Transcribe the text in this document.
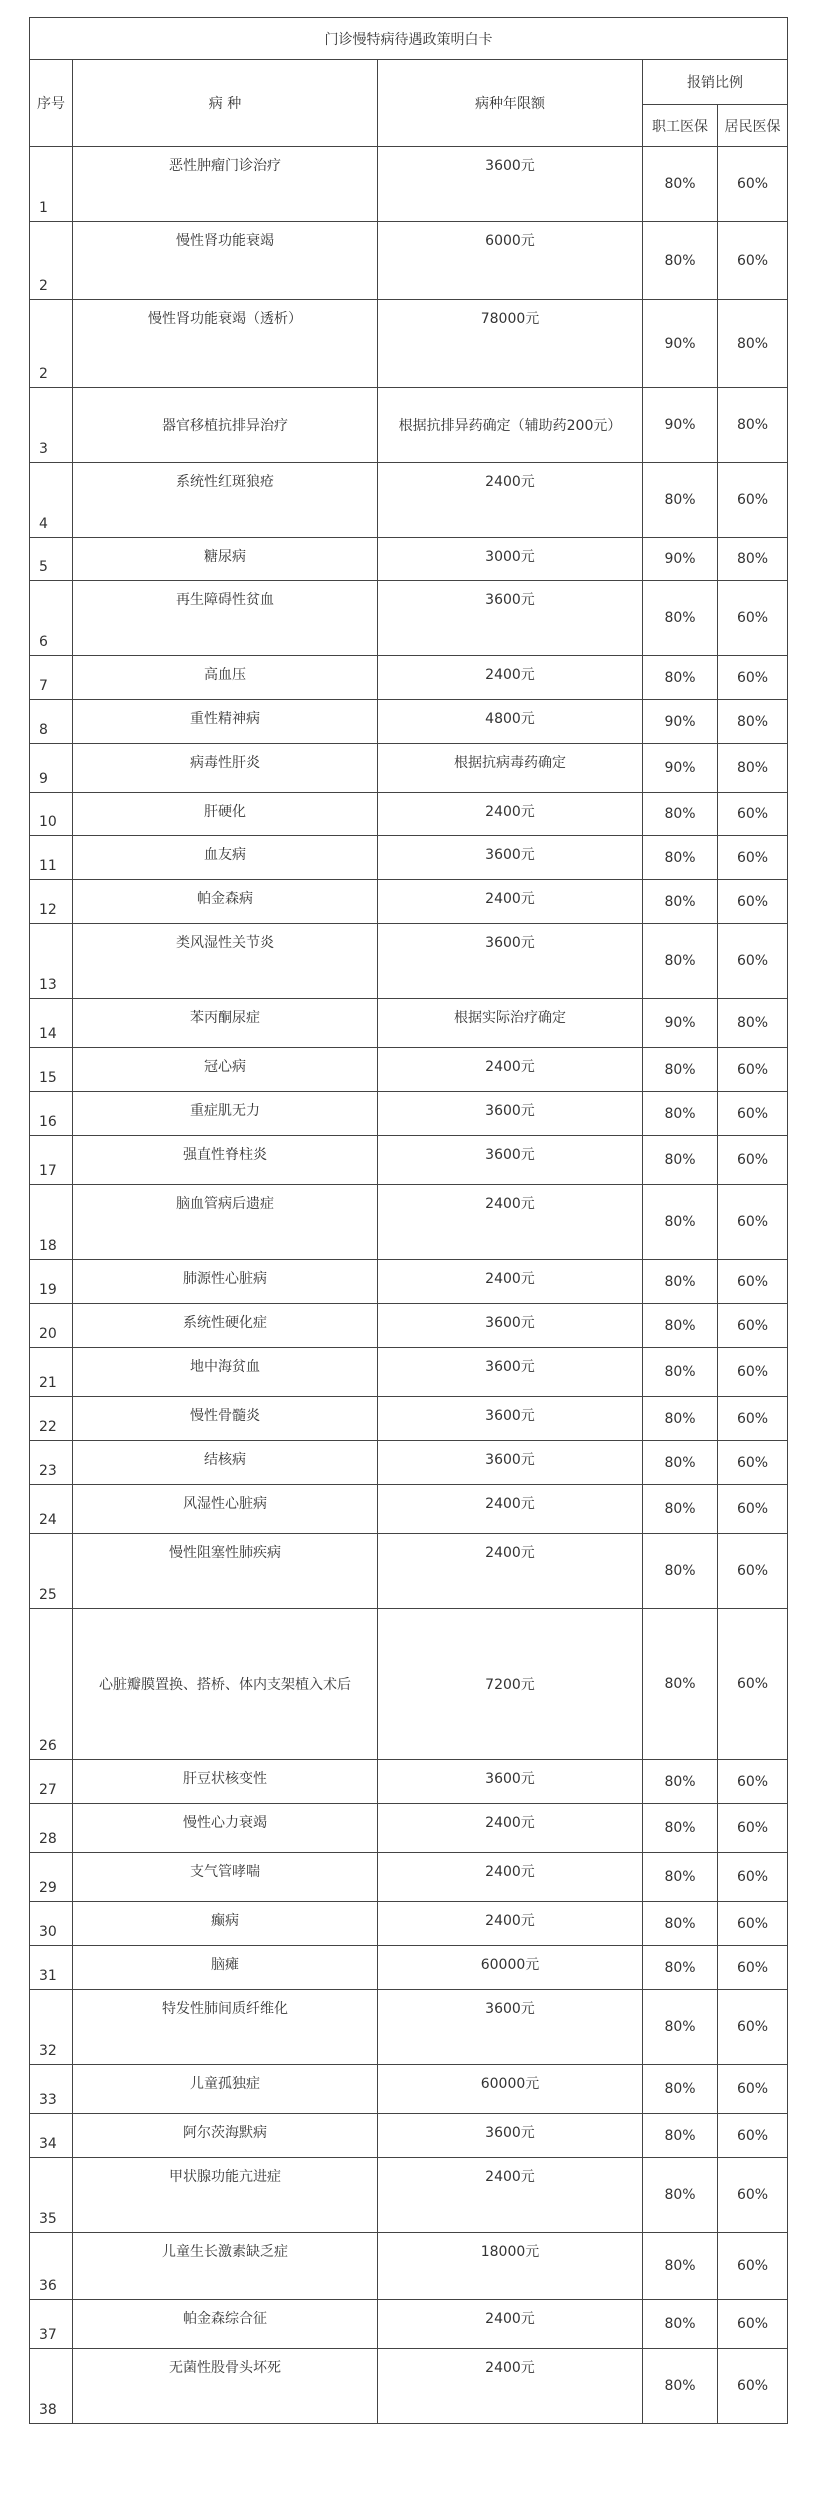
门诊慢特病待遇政策明白卡				
序号	病 种	病种年限额	报销比例	
			职工医保	居民医保
1	恶性肿瘤门诊治疗	3600元	80%	60%
2	慢性肾功能衰竭	6000元	80%	60%
2	慢性肾功能衰竭（透析）	78000元	90%	80%
3	器官移植抗排异治疗	根据抗排异药确定（辅助药200元）	90%	80%
4	系统性红斑狼疮	2400元	80%	60%
5	糖尿病	3000元	90%	80%
6	再生障碍性贫血	3600元	80%	60%
7	高血压	2400元	80%	60%
8	重性精神病	4800元	90%	80%
9	病毒性肝炎	根据抗病毒药确定	90%	80%
10	肝硬化	2400元	80%	60%
11	血友病	3600元	80%	60%
12	帕金森病	2400元	80%	60%
13	类风湿性关节炎	3600元	80%	60%
14	苯丙酮尿症	根据实际治疗确定	90%	80%
15	冠心病	2400元	80%	60%
16	重症肌无力	3600元	80%	60%
17	强直性脊柱炎	3600元	80%	60%
18	脑血管病后遗症	2400元	80%	60%
19	肺源性心脏病	2400元	80%	60%
20	系统性硬化症	3600元	80%	60%
21	地中海贫血	3600元	80%	60%
22	慢性骨髓炎	3600元	80%	60%
23	结核病	3600元	80%	60%
24	风湿性心脏病	2400元	80%	60%
25	慢性阻塞性肺疾病	2400元	80%	60%
26	心脏瓣膜置换、搭桥、体内支架植入术后	7200元	80%	60%
27	肝豆状核变性	3600元	80%	60%
28	慢性心力衰竭	2400元	80%	60%
29	支气管哮喘	2400元	80%	60%
30	癫病	2400元	80%	60%
31	脑瘫	60000元	80%	60%
32	特发性肺间质纤维化	3600元	80%	60%
33	儿童孤独症	60000元	80%	60%
34	阿尔茨海默病	3600元	80%	60%
35	甲状腺功能亢进症	2400元	80%	60%
36	儿童生长激素缺乏症	18000元	80%	60%
37	帕金森综合征	2400元	80%	60%
38	无菌性股骨头坏死	2400元	80%	60%
